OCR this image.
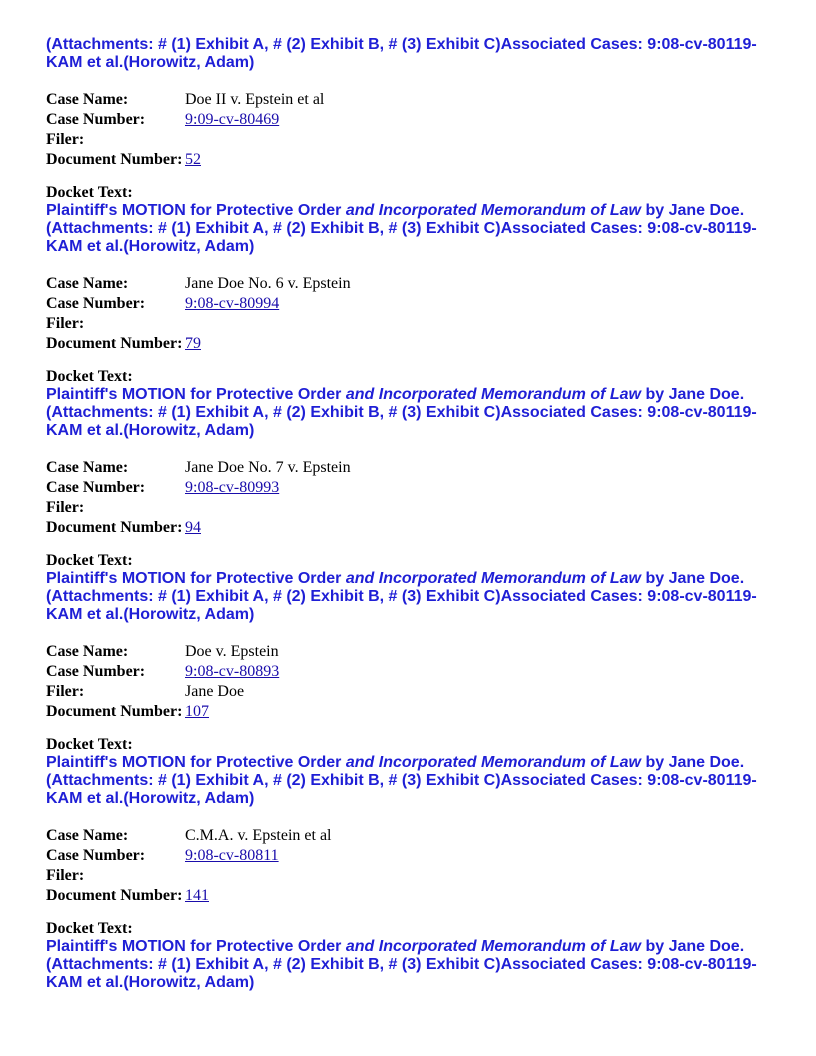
(Attachments: # (1) Exhibit A, # (2) Exhibit B, # (3) Exhibit C)Associated Cases: 9:08-cv-80119-
KAM et al.(Horowitz, Adam)
Case Name:	Doe II v. Epstein et al
Case Number:	9:09-cv-80469
Filer:	
Document Number:	52
Docket Text:
Plaintiff's MOTION for Protective Order and Incorporated Memorandum of Law by Jane Doe.
(Attachments: # (1) Exhibit A, # (2) Exhibit B, # (3) Exhibit C)Associated Cases: 9:08-cv-80119-
KAM et al.(Horowitz, Adam)
Case Name:	Jane Doe No. 6 v. Epstein
Case Number:	9:08-cv-80994
Filer:	
Document Number:	79
Docket Text:
Plaintiff's MOTION for Protective Order and Incorporated Memorandum of Law by Jane Doe.
(Attachments: # (1) Exhibit A, # (2) Exhibit B, # (3) Exhibit C)Associated Cases: 9:08-cv-80119-
KAM et al.(Horowitz, Adam)
Case Name:	Jane Doe No. 7 v. Epstein
Case Number:	9:08-cv-80993
Filer:	
Document Number:	94
Docket Text:
Plaintiff's MOTION for Protective Order and Incorporated Memorandum of Law by Jane Doe.
(Attachments: # (1) Exhibit A, # (2) Exhibit B, # (3) Exhibit C)Associated Cases: 9:08-cv-80119-
KAM et al.(Horowitz, Adam)
Case Name:	Doe v. Epstein
Case Number:	9:08-cv-80893
Filer:	Jane Doe
Document Number:	107
Docket Text:
Plaintiff's MOTION for Protective Order and Incorporated Memorandum of Law by Jane Doe.
(Attachments: # (1) Exhibit A, # (2) Exhibit B, # (3) Exhibit C)Associated Cases: 9:08-cv-80119-
KAM et al.(Horowitz, Adam)
Case Name:	C.M.A. v. Epstein et al
Case Number:	9:08-cv-80811
Filer:	
Document Number:	141
Docket Text:
Plaintiff's MOTION for Protective Order and Incorporated Memorandum of Law by Jane Doe.
(Attachments: # (1) Exhibit A, # (2) Exhibit B, # (3) Exhibit C)Associated Cases: 9:08-cv-80119-
KAM et al.(Horowitz, Adam)
